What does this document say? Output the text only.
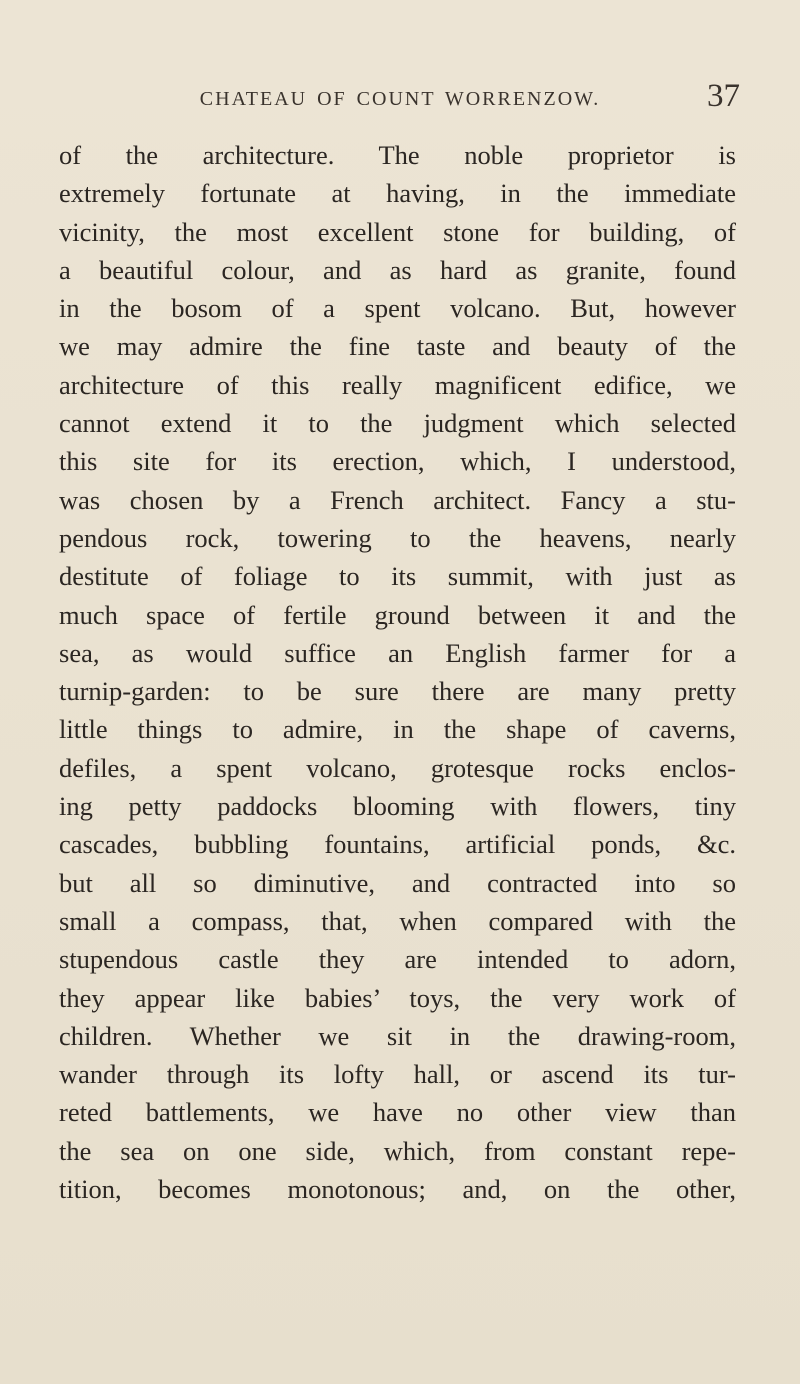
CHATEAU OF COUNT WORRENZOW.	37
of the architecture. The noble proprietor is
extremely fortunate at having, in the immediate
vicinity, the most excellent stone for building, of
a beautiful colour, and as hard as granite, found
in the bosom of a spent volcano. But, however
we may admire the fine taste and beauty of the
architecture of this really magnificent edifice, we
cannot extend it to the judgment which selected
this site for its erection, which, I understood,
was chosen by a French architect. Fancy a stu-
pendous rock, towering to the heavens, nearly
destitute of foliage to its summit, with just as
much space of fertile ground between it and the
sea, as would suffice an English farmer for a
turnip-garden: to be sure there are many pretty
little things to admire, in the shape of caverns,
defiles, a spent volcano, grotesque rocks enclos-
ing petty paddocks blooming with flowers, tiny
cascades, bubbling fountains, artificial ponds, &c.
but all so diminutive, and contracted into so
small a compass, that, when compared with the
stupendous castle they are intended to adorn,
they appear like babies’ toys, the very work of
children. Whether we sit in the drawing-room,
wander through its lofty hall, or ascend its tur-
reted battlements, we have no other view than
the sea on one side, which, from constant repe-
tition, becomes monotonous; and, on the other,
